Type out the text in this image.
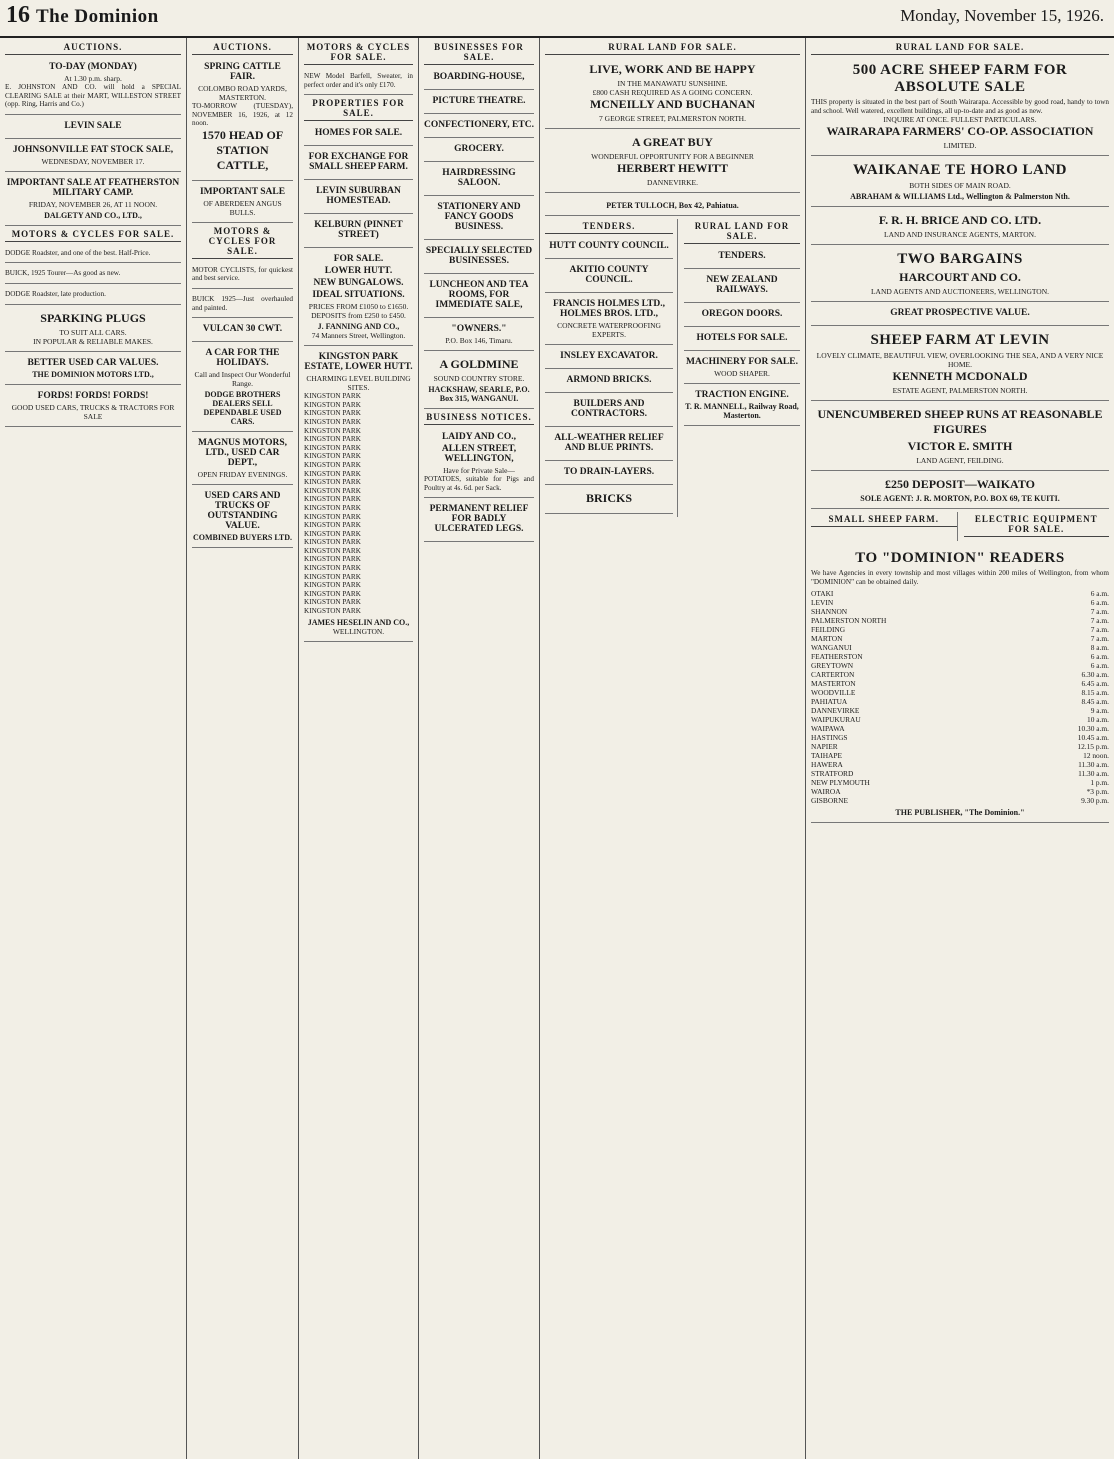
16 The Dominion	Monday, November 15, 1926.
AUCTIONS.
TO-DAY (MONDAY)
At 1.30 p.m. sharp.
E. JOHNSTON AND CO. will hold a SPECIAL CLEARING SALE at their MART, WILLESTON STREET (opp. Ring, Harris and Co.)
LEVIN SALE
JOHNSONVILLE FAT STOCK SALE,
WEDNESDAY, NOVEMBER 17.
IMPORTANT SALE AT FEATHERSTON MILITARY CAMP.
FRIDAY, NOVEMBER 26, AT 11 NOON.
DALGETY AND CO., LTD.,
MOTORS & CYCLES FOR SALE.
DODGE Roadster, and one of the best. Half-Price.
BUICK, 1925 Tourer—As good as new.
DODGE Roadster, late production.
SPARKING PLUGS
TO SUIT ALL CARS.
IN POPULAR & RELIABLE MAKES.
BETTER USED CAR VALUES.
THE DOMINION MOTORS LTD.,
FORDS! FORDS! FORDS!
GOOD USED CARS, TRUCKS & TRACTORS FOR SALE
AUCTIONS.
SPRING CATTLE FAIR.
COLOMBO ROAD YARDS, MASTERTON.
TO-MORROW (TUESDAY), NOVEMBER 16, 1926, at 12 noon.
1570 HEAD OF STATION CATTLE,
IMPORTANT SALE
OF ABERDEEN ANGUS BULLS.
MOTORS & CYCLES FOR SALE.
MOTOR CYCLISTS, for quickest and best service.
BUICK 1925—Just overhauled and painted.
VULCAN 30 CWT.
A CAR FOR THE HOLIDAYS.
Call and Inspect Our Wonderful Range.
DODGE BROTHERS DEALERS SELL DEPENDABLE USED CARS.
MAGNUS MOTORS, LTD., USED CAR DEPT.,
OPEN FRIDAY EVENINGS.
USED CARS AND TRUCKS OF OUTSTANDING VALUE.
COMBINED BUYERS LTD.
MOTORS & CYCLES FOR SALE.
NEW Model Barfell, Sweater, in perfect order and it's only £170.
PROPERTIES FOR SALE.
HOMES FOR SALE.
FOR EXCHANGE FOR SMALL SHEEP FARM.
LEVIN SUBURBAN HOMESTEAD.
KELBURN (PINNET STREET)
FOR SALE.
LOWER HUTT.
NEW BUNGALOWS.
IDEAL SITUATIONS.
PRICES FROM £1050 to £1650.
DEPOSITS from £250 to £450.
J. FANNING AND CO.,
74 Manners Street, Wellington.
KINGSTON PARK ESTATE, LOWER HUTT.
CHARMING LEVEL BUILDING SITES.
KINGSTON PARK
KINGSTON PARK
KINGSTON PARK
KINGSTON PARK
KINGSTON PARK
KINGSTON PARK
KINGSTON PARK
KINGSTON PARK
KINGSTON PARK
KINGSTON PARK
KINGSTON PARK
KINGSTON PARK
KINGSTON PARK
KINGSTON PARK
KINGSTON PARK
KINGSTON PARK
KINGSTON PARK
KINGSTON PARK
KINGSTON PARK
KINGSTON PARK
KINGSTON PARK
KINGSTON PARK
KINGSTON PARK
KINGSTON PARK
KINGSTON PARK
KINGSTON PARK
JAMES HESELIN AND CO.,
WELLINGTON.
BUSINESSES FOR SALE.
BOARDING-HOUSE,
PICTURE THEATRE.
CONFECTIONERY, ETC.
GROCERY.
HAIRDRESSING SALOON.
STATIONERY AND FANCY GOODS BUSINESS.
SPECIALLY SELECTED BUSINESSES.
LUNCHEON AND TEA ROOMS, FOR IMMEDIATE SALE,
"OWNERS."
P.O. Box 146, Timaru.
A GOLDMINE
SOUND COUNTRY STORE.
HACKSHAW, SEARLE, P.O. Box 315, WANGANUI.
BUSINESS NOTICES.
LAIDY AND CO.,
ALLEN STREET, WELLINGTON,
Have for Private Sale—
POTATOES, suitable for Pigs and Poultry at 4s. 6d. per Sack.
PERMANENT RELIEF FOR BADLY ULCERATED LEGS.
RURAL LAND FOR SALE.
LIVE, WORK AND BE HAPPY
IN THE MANAWATU SUNSHINE.
£800 CASH REQUIRED AS A GOING CONCERN.
MCNEILLY AND BUCHANAN
7 GEORGE STREET, PALMERSTON NORTH.
A GREAT BUY
WONDERFUL OPPORTUNITY FOR A BEGINNER
HERBERT HEWITT
DANNEVIRKE.
PETER TULLOCH, Box 42, Pahiatua.
TENDERS.
HUTT COUNTY COUNCIL.
AKITIO COUNTY COUNCIL.
FRANCIS HOLMES LTD., HOLMES BROS. LTD.,
CONCRETE WATERPROOFING EXPERTS.
INSLEY EXCAVATOR.
ARMOND BRICKS.
BUILDERS AND CONTRACTORS.
ALL-WEATHER RELIEF AND BLUE PRINTS.
TO DRAIN-LAYERS.
BRICKS
RURAL LAND FOR SALE.
TENDERS.
NEW ZEALAND RAILWAYS.
OREGON DOORS.
HOTELS FOR SALE.
MACHINERY FOR SALE.
WOOD SHAPER.
TRACTION ENGINE.
T. R. MANNELL, Railway Road, Masterton.
RURAL LAND FOR SALE.
500 ACRE SHEEP FARM FOR ABSOLUTE SALE
THIS property is situated in the best part of South Wairarapa. Accessible by good road, handy to town and school. Well watered, excellent buildings, all up-to-date and as good as new.
INQUIRE AT ONCE. FULLEST PARTICULARS.
WAIRARAPA FARMERS' CO-OP. ASSOCIATION
LIMITED.
WAIKANAE TE HORO LAND
BOTH SIDES OF MAIN ROAD.
ABRAHAM & WILLIAMS Ltd., Wellington & Palmerston Nth.
F. R. H. BRICE AND CO. LTD.
LAND AND INSURANCE AGENTS, MARTON.
TWO BARGAINS
HARCOURT AND CO.
LAND AGENTS AND AUCTIONEERS, WELLINGTON.
GREAT PROSPECTIVE VALUE.
SHEEP FARM AT LEVIN
LOVELY CLIMATE, BEAUTIFUL VIEW, OVERLOOKING THE SEA, AND A VERY NICE HOME.
KENNETH MCDONALD
ESTATE AGENT, PALMERSTON NORTH.
UNENCUMBERED SHEEP RUNS AT REASONABLE FIGURES
VICTOR E. SMITH
LAND AGENT, FEILDING.
£250 DEPOSIT—WAIKATO
SOLE AGENT: J. R. MORTON, P.O. BOX 69, TE KUITI.
SMALL SHEEP FARM.	ELECTRIC EQUIPMENT FOR SALE.
TO "DOMINION" READERS
We have Agencies in every township and most villages within 200 miles of Wellington, from whom "DOMINION" can be obtained daily.
OTAKI	6 a.m.
LEVIN	6 a.m.
SHANNON	7 a.m.
PALMERSTON NORTH	7 a.m.
FEILDING	7 a.m.
MARTON	7 a.m.
WANGANUI	8 a.m.
FEATHERSTON	6 a.m.
GREYTOWN	6 a.m.
CARTERTON	6.30 a.m.
MASTERTON	6.45 a.m.
WOODVILLE	8.15 a.m.
PAHIATUA	8.45 a.m.
DANNEVIRKE	9 a.m.
WAIPUKURAU	10 a.m.
WAIPAWA	10.30 a.m.
HASTINGS	10.45 a.m.
NAPIER	12.15 p.m.
TAIHAPE	12 noon.
HAWERA	11.30 a.m.
STRATFORD	11.30 a.m.
NEW PLYMOUTH	1 p.m.
WAIROA	*3 p.m.
GISBORNE	9.30 p.m.
THE PUBLISHER, "The Dominion."
